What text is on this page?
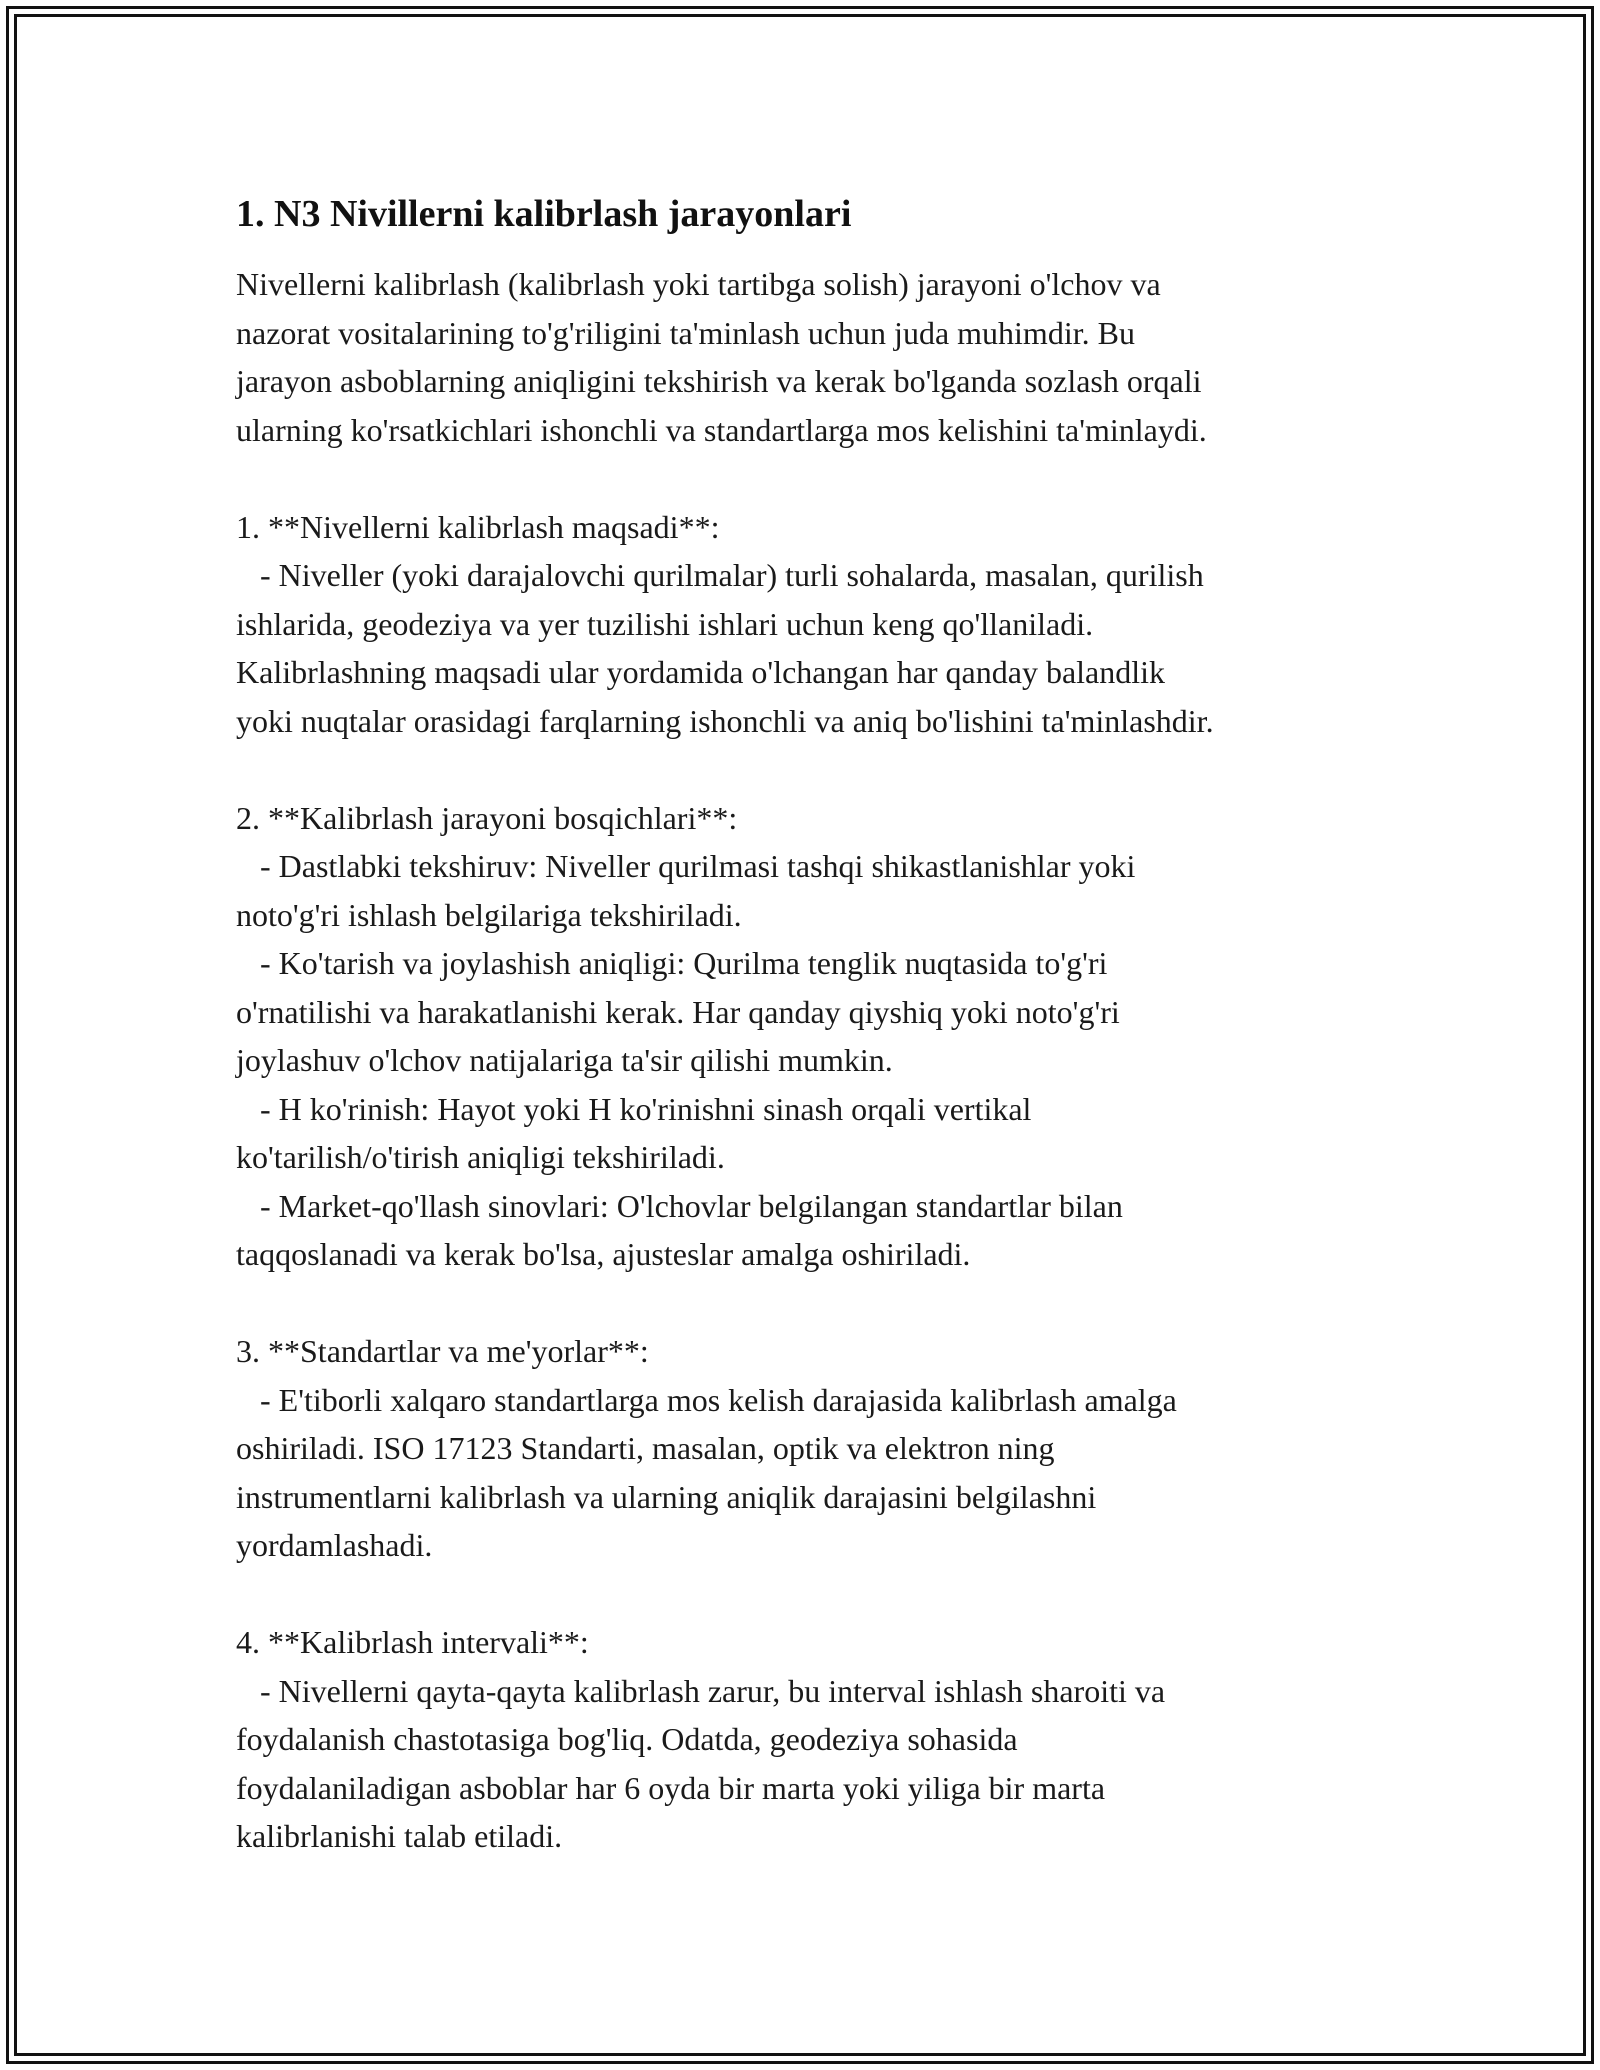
1. N3 Nivillerni kalibrlash jarayonlari
Nivellerni kalibrlash (kalibrlash yoki tartibga solish) jarayoni o'lchov va
nazorat vositalarining to'g'riligini ta'minlash uchun juda muhimdir. Bu
jarayon asboblarning aniqligini tekshirish va kerak bo'lganda sozlash orqali
ularning ko'rsatkichlari ishonchli va standartlarga mos kelishini ta'minlaydi.
1. **Nivellerni kalibrlash maqsadi**:
- Niveller (yoki darajalovchi qurilmalar) turli sohalarda, masalan, qurilish
ishlarida, geodeziya va yer tuzilishi ishlari uchun keng qo'llaniladi.
Kalibrlashning maqsadi ular yordamida o'lchangan har qanday balandlik
yoki nuqtalar orasidagi farqlarning ishonchli va aniq bo'lishini ta'minlashdir.
2. **Kalibrlash jarayoni bosqichlari**:
- Dastlabki tekshiruv: Niveller qurilmasi tashqi shikastlanishlar yoki
noto'g'ri ishlash belgilariga tekshiriladi.
- Ko'tarish va joylashish aniqligi: Qurilma tenglik nuqtasida to'g'ri
o'rnatilishi va harakatlanishi kerak. Har qanday qiyshiq yoki noto'g'ri
joylashuv o'lchov natijalariga ta'sir qilishi mumkin.
- H ko'rinish: Hayot yoki H ko'rinishni sinash orqali vertikal
ko'tarilish/o'tirish aniqligi tekshiriladi.
- Market-qo'llash sinovlari: O'lchovlar belgilangan standartlar bilan
taqqoslanadi va kerak bo'lsa, ajusteslar amalga oshiriladi.
3. **Standartlar va me'yorlar**:
- E'tiborli xalqaro standartlarga mos kelish darajasida kalibrlash amalga
oshiriladi. ISO 17123 Standarti, masalan, optik va elektron ning
instrumentlarni kalibrlash va ularning aniqlik darajasini belgilashni
yordamlashadi.
4. **Kalibrlash intervali**:
- Nivellerni qayta-qayta kalibrlash zarur, bu interval ishlash sharoiti va
foydalanish chastotasiga bog'liq. Odatda, geodeziya sohasida
foydalaniladigan asboblar har 6 oyda bir marta yoki yiliga bir marta
kalibrlanishi talab etiladi.
